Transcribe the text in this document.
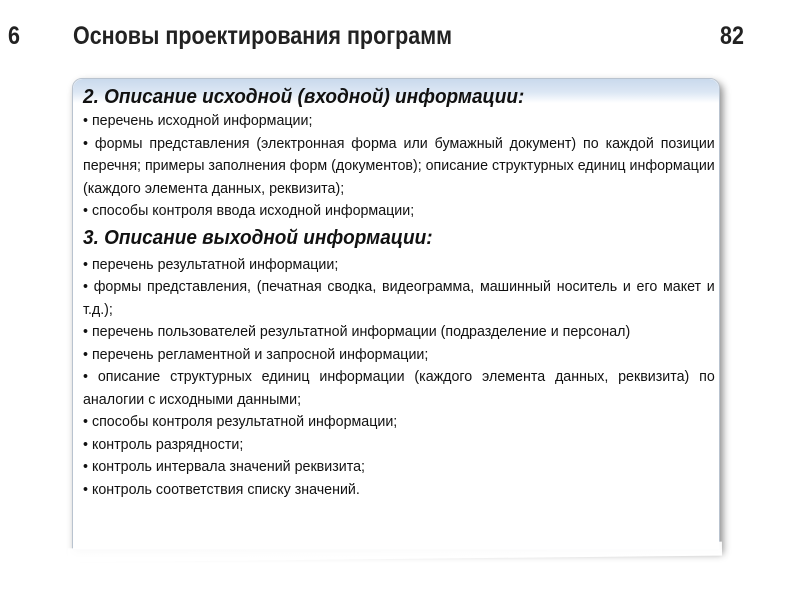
6 Основы проектирования программ	82

2. Описание исходной (входной) информации:

• перечень исходной информации;

• формы представления (электронная форма или бумажный документ) по каждой позиции перечня; примеры заполнения форм (документов); описание структурных единиц информации (каждого элемента данных, реквизита);

• способы контроля ввода исходной информации;

3. Описание выходной информации:

• перечень результатной информации;

• формы представления, (печатная сводка, видеограмма, машинный носитель и его макет и т.д.);

• перечень пользователей результатной информации (подразделение и персонал)

• перечень регламентной и запросной информации;

• описание структурных единиц информации (каждого элемента данных, реквизита) по аналогии с исходными данными;

• способы контроля результатной информации;

• контроль разрядности;

• контроль интервала значений реквизита;

• контроль соответствия списку значений.
